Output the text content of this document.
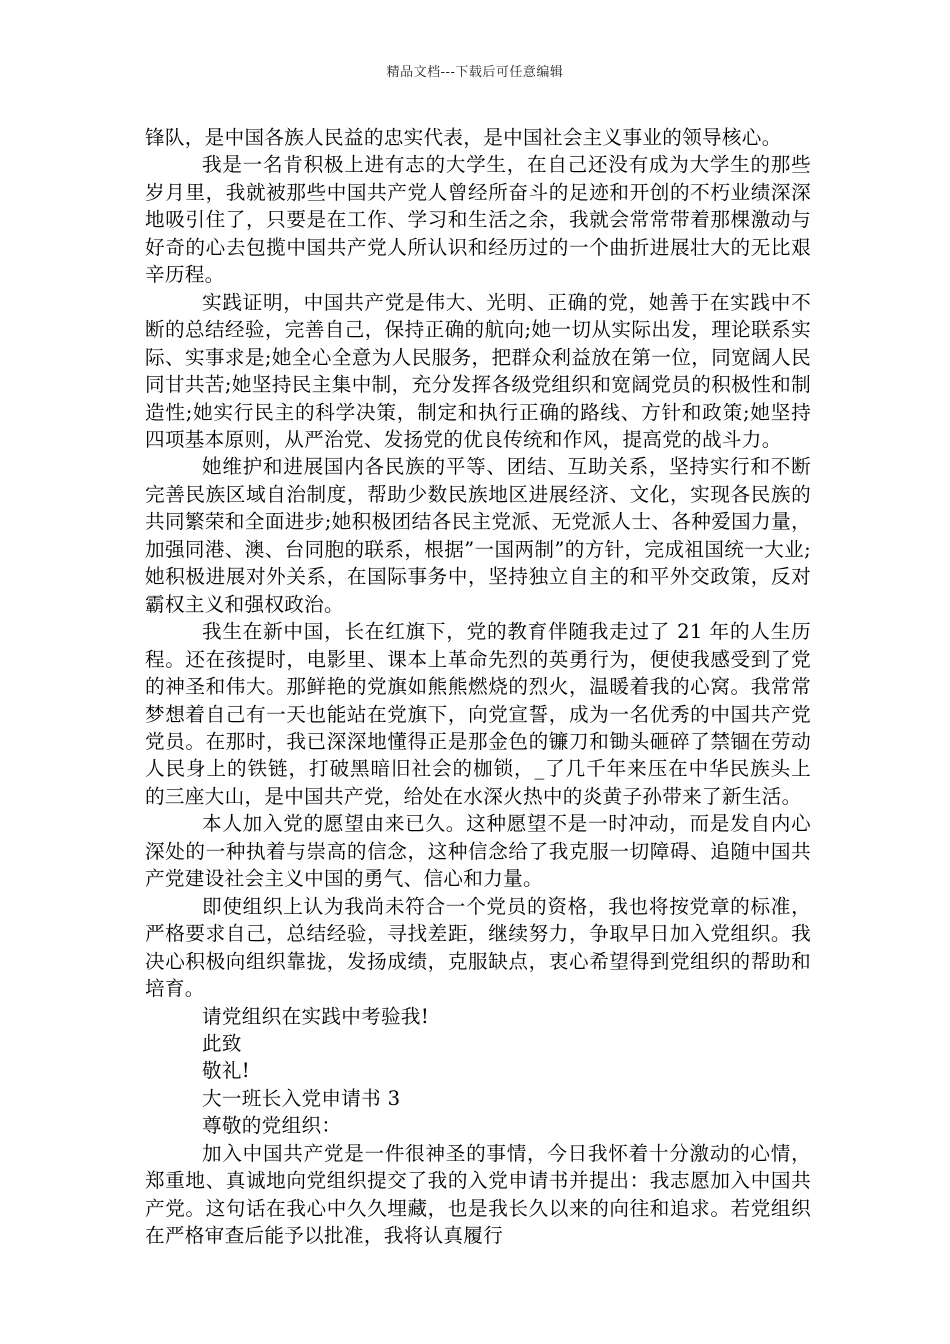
精品文档---下载后可任意编辑

锋队，是中国各族人民益的忠实代表，是中国社会主义事业的领导核心。

我是一名肯积极上进有志的大学生，在自己还没有成为大学生的那些岁月里，我就被那些中国共产党人曾经所奋斗的足迹和开创的不朽业绩深深地吸引住了，只要是在工作、学习和生活之余，我就会常常带着那棵激动与好奇的心去包揽中国共产党人所认识和经历过的一个曲折进展壮大的无比艰辛历程。

实践证明，中国共产党是伟大、光明、正确的党，她善于在实践中不断的总结经验，完善自己，保持正确的航向;她一切从实际出发，理论联系实际、实事求是;她全心全意为人民服务，把群众利益放在第一位，同宽阔人民同甘共苦;她坚持民主集中制，充分发挥各级党组织和宽阔党员的积极性和制造性;她实行民主的科学决策，制定和执行正确的路线、方针和政策;她坚持四项基本原则，从严治党、发扬党的优良传统和作风，提高党的战斗力。

她维护和进展国内各民族的平等、团结、互助关系，坚持实行和不断完善民族区域自治制度，帮助少数民族地区进展经济、文化，实现各民族的共同繁荣和全面进步;她积极团结各民主党派、无党派人士、各种爱国力量，加强同港、澳、台同胞的联系，根据”一国两制”的方针，完成祖国统一大业;她积极进展对外关系，在国际事务中，坚持独立自主的和平外交政策，反对霸权主义和强权政治。

我生在新中国，长在红旗下，党的教育伴随我走过了 21 年的人生历程。还在孩提时，电影里、课本上革命先烈的英勇行为，便使我感受到了党的神圣和伟大。那鲜艳的党旗如熊熊燃烧的烈火，温暖着我的心窝。我常常梦想着自己有一天也能站在党旗下，向党宣誓，成为一名优秀的中国共产党党员。在那时，我已深深地懂得正是那金色的镰刀和锄头砸碎了禁锢在劳动人民身上的铁链，打破黑暗旧社会的枷锁，_了几千年来压在中华民族头上的三座大山，是中国共产党，给处在水深火热中的炎黄子孙带来了新生活。

本人加入党的愿望由来已久。这种愿望不是一时冲动，而是发自内心深处的一种执着与崇高的信念，这种信念给了我克服一切障碍、追随中国共产党建设社会主义中国的勇气、信心和力量。

即使组织上认为我尚未符合一个党员的资格，我也将按党章的标准，严格要求自己，总结经验，寻找差距，继续努力，争取早日加入党组织。我决心积极向组织靠拢，发扬成绩，克服缺点，衷心希望得到党组织的帮助和培育。

请党组织在实践中考验我!

此致

敬礼!

大一班长入党申请书 3

尊敬的党组织：

加入中国共产党是一件很神圣的事情，今日我怀着十分激动的心情，郑重地、真诚地向党组织提交了我的入党申请书并提出：我志愿加入中国共产党。这句话在我心中久久埋藏，也是我长久以来的向往和追求。若党组织在严格审查后能予以批准，我将认真履行
